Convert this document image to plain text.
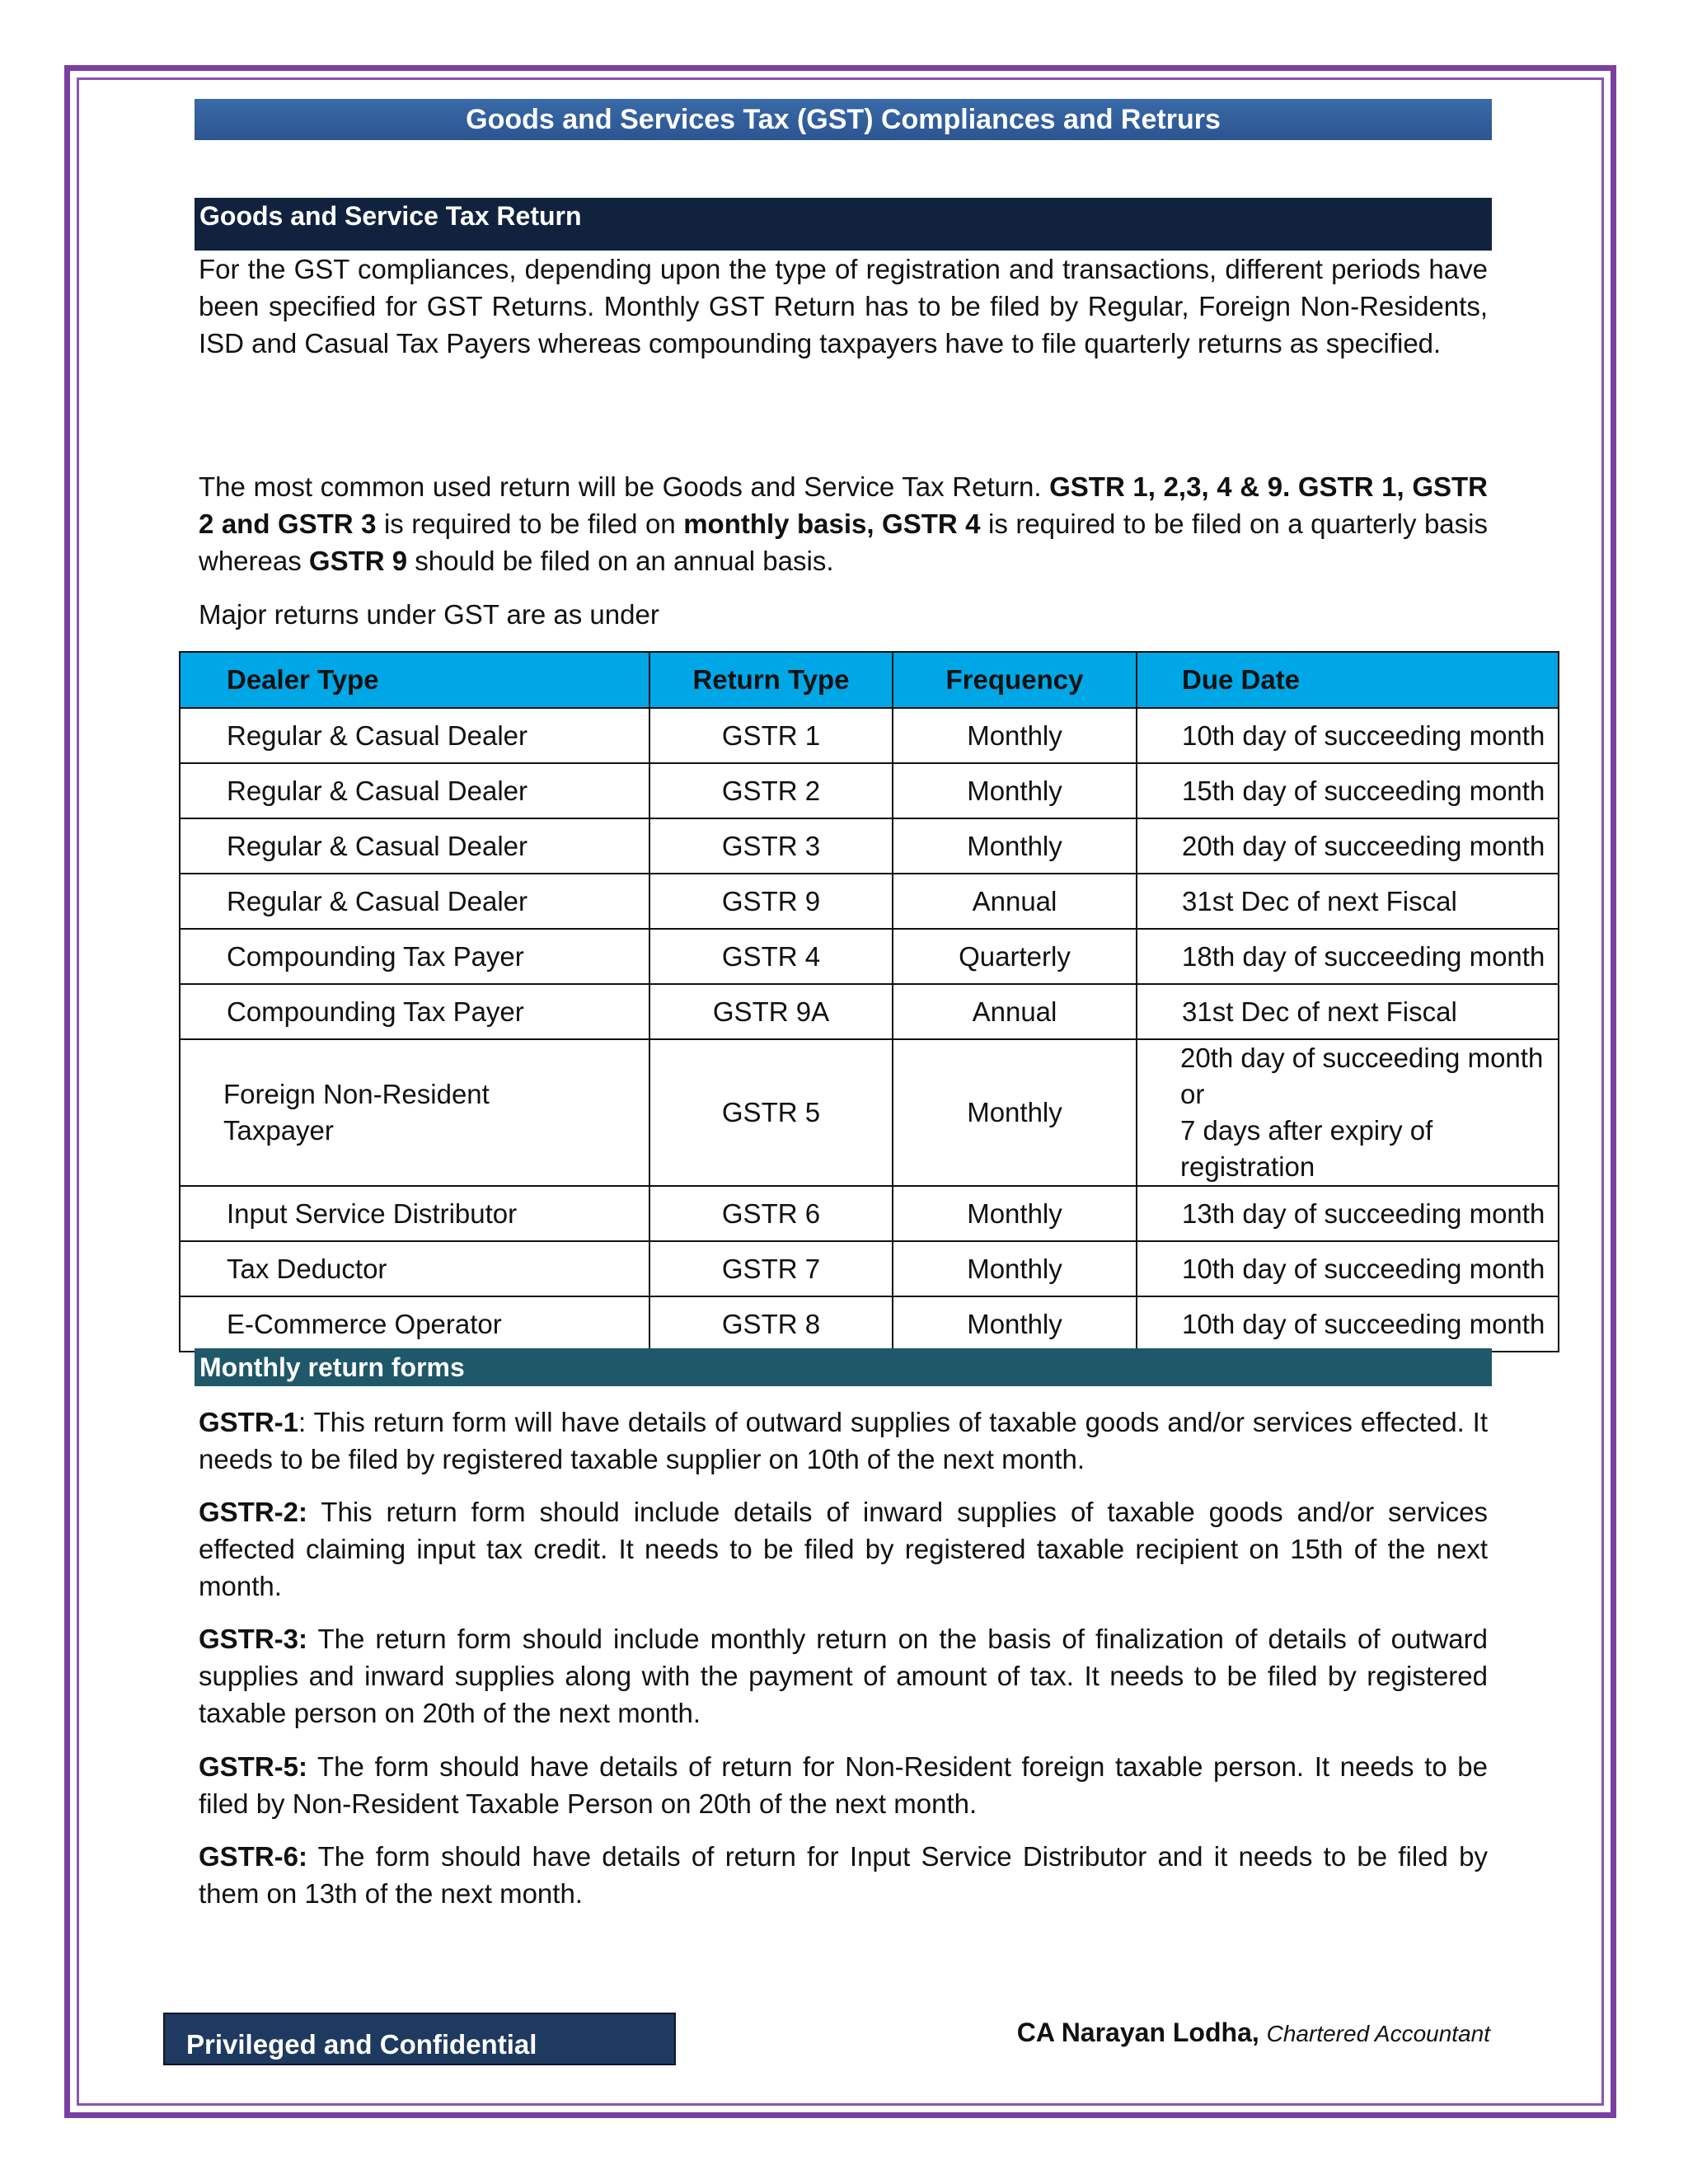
Goods and Services Tax (GST) Compliances and Retrurs
Goods and Service Tax Return

For the GST compliances, depending upon the type of registration and transactions, different periods have been specified for GST Returns. Monthly GST Return has to be filed by Regular, Foreign Non-Residents, ISD and Casual Tax Payers whereas compounding taxpayers have to file quarterly returns as specified.

The most common used return will be Goods and Service Tax Return. GSTR 1, 2,3, 4 & 9. GSTR 1, GSTR 2 and GSTR 3 is required to be filed on monthly basis, GSTR 4 is required to be filed on a quarterly basis whereas GSTR 9 should be filed on an annual basis.

Major returns under GST are as under

Dealer Type	Return Type	Frequency	Due Date
Regular & Casual Dealer	GSTR 1	Monthly	10th day of succeeding month
Regular & Casual Dealer	GSTR 2	Monthly	15th day of succeeding month
Regular & Casual Dealer	GSTR 3	Monthly	20th day of succeeding month
Regular & Casual Dealer	GSTR 9	Annual	31st Dec of next Fiscal
Compounding Tax Payer	GSTR 4	Quarterly	18th day of succeeding month
Compounding Tax Payer	GSTR 9A	Annual	31st Dec of next Fiscal
Foreign Non-Resident
Taxpayer	GSTR 5	Monthly	20th day of succeeding month or
7 days after expiry of registration
Input Service Distributor	GSTR 6	Monthly	13th day of succeeding month
Tax Deductor	GSTR 7	Monthly	10th day of succeeding month
E-Commerce Operator	GSTR 8	Monthly	10th day of succeeding month
Monthly return forms

GSTR-1: This return form will have details of outward supplies of taxable goods and/or services effected. It needs to be filed by registered taxable supplier on 10th of the next month.

GSTR-2: This return form should include details of inward supplies of taxable goods and/or services effected claiming input tax credit. It needs to be filed by registered taxable recipient on 15th of the next month.

GSTR-3: The return form should include monthly return on the basis of finalization of details of outward supplies and inward supplies along with the payment of amount of tax. It needs to be filed by registered taxable person on 20th of the next month.

GSTR-5: The form should have details of return for Non-Resident foreign taxable person. It needs to be filed by Non-Resident Taxable Person on 20th of the next month.

GSTR-6: The form should have details of return for Input Service Distributor and it needs to be filed by them on 13th of the next month.

Privileged and Confidential	CA Narayan Lodha, Chartered Accountant
